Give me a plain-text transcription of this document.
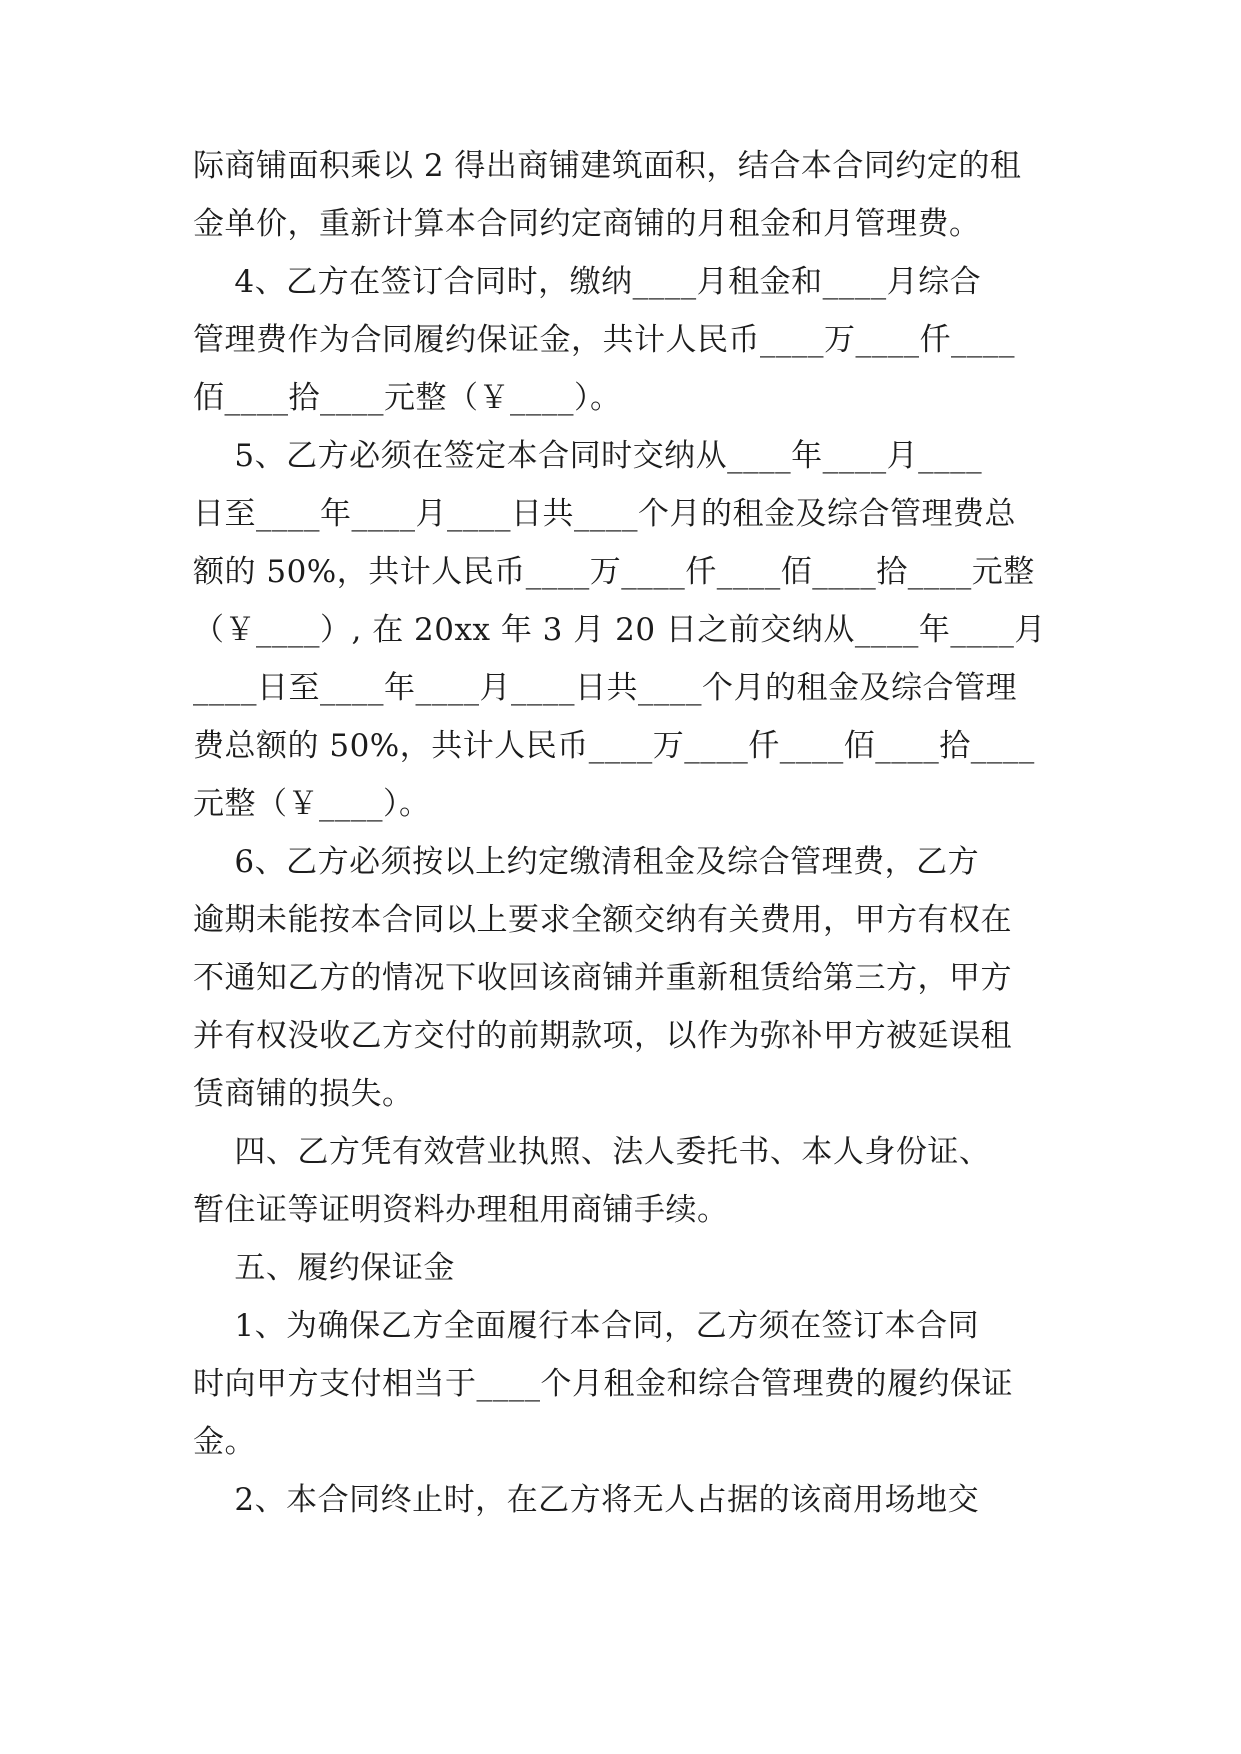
际商铺面积乘以 2 得出商铺建筑面积，结合本合同约定的租

金单价，重新计算本合同约定商铺的月租金和月管理费。

4、乙方在签订合同时，缴纳____月租金和____月综合

管理费作为合同履约保证金，共计人民币____万____仟____

佰____拾____元整（￥____）。

5、乙方必须在签定本合同时交纳从____年____月____

日至____年____月____日共____个月的租金及综合管理费总

额的 50%，共计人民币____万____仟____佰____拾____元整

（￥____）, 在 20xx 年 3 月 20 日之前交纳从____年____月

____日至____年____月____日共____个月的租金及综合管理

费总额的 50%，共计人民币____万____仟____佰____拾____

元整（￥____）。

6、乙方必须按以上约定缴清租金及综合管理费，乙方

逾期未能按本合同以上要求全额交纳有关费用，甲方有权在

不通知乙方的情况下收回该商铺并重新租赁给第三方，甲方

并有权没收乙方交付的前期款项，以作为弥补甲方被延误租

赁商铺的损失。

四、乙方凭有效营业执照、法人委托书、本人身份证、

暂住证等证明资料办理租用商铺手续。

五、履约保证金

1、为确保乙方全面履行本合同，乙方须在签订本合同

时向甲方支付相当于____个月租金和综合管理费的履约保证

金。

2、本合同终止时，在乙方将无人占据的该商用场地交
